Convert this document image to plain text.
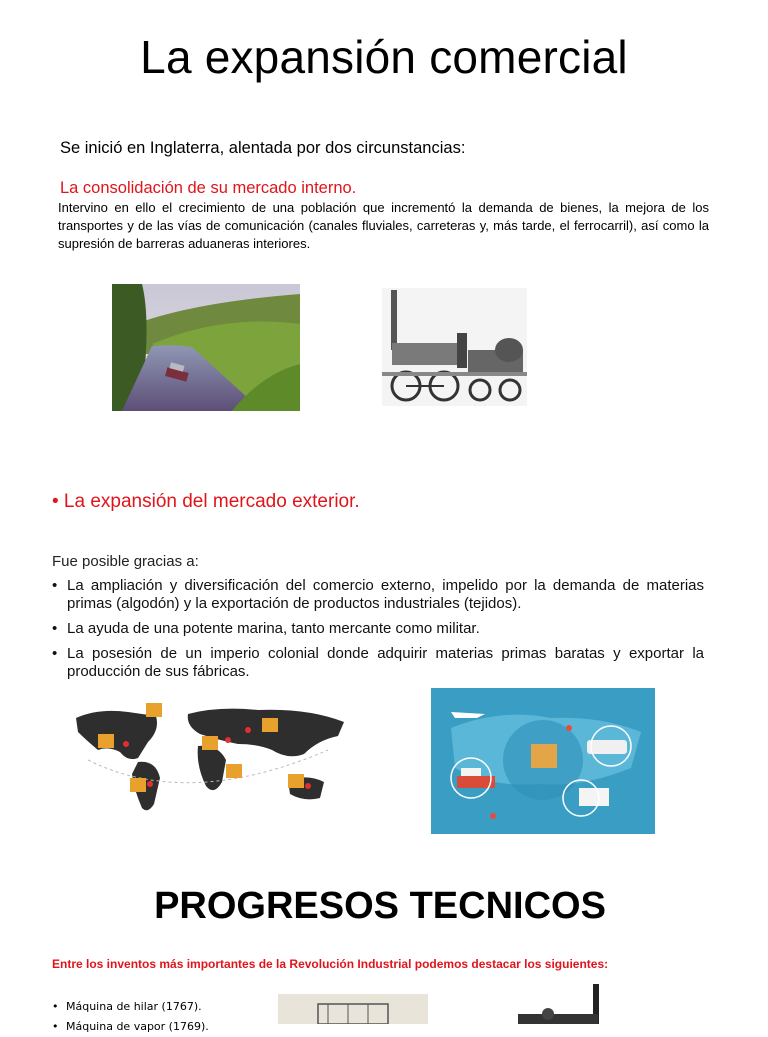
La expansión comercial
Se inició en Inglaterra, alentada por dos circunstancias:
La consolidación de su mercado interno.
Intervino en ello el crecimiento de una población que incrementó la demanda de bienes, la mejora de los transportes y de las vías de comunicación (canales fluviales, carreteras y, más tarde, el ferrocarril), así como la supresión de barreras aduaneras interiores.
• La expansión del mercado exterior.
Fue posible gracias a:
• La ampliación y diversificación del comercio externo, impelido por la demanda de materias primas (algodón) y la exportación de productos industriales (tejidos).
• La ayuda de una potente marina, tanto mercante como militar.
• La posesión de un imperio colonial donde adquirir materias primas baratas y exportar la producción de sus fábricas.
PROGRESOS TECNICOS
Entre los inventos más importantes de la Revolución Industrial podemos destacar los siguientes:
• Máquina de hilar (1767).
• Máquina de vapor (1769).
